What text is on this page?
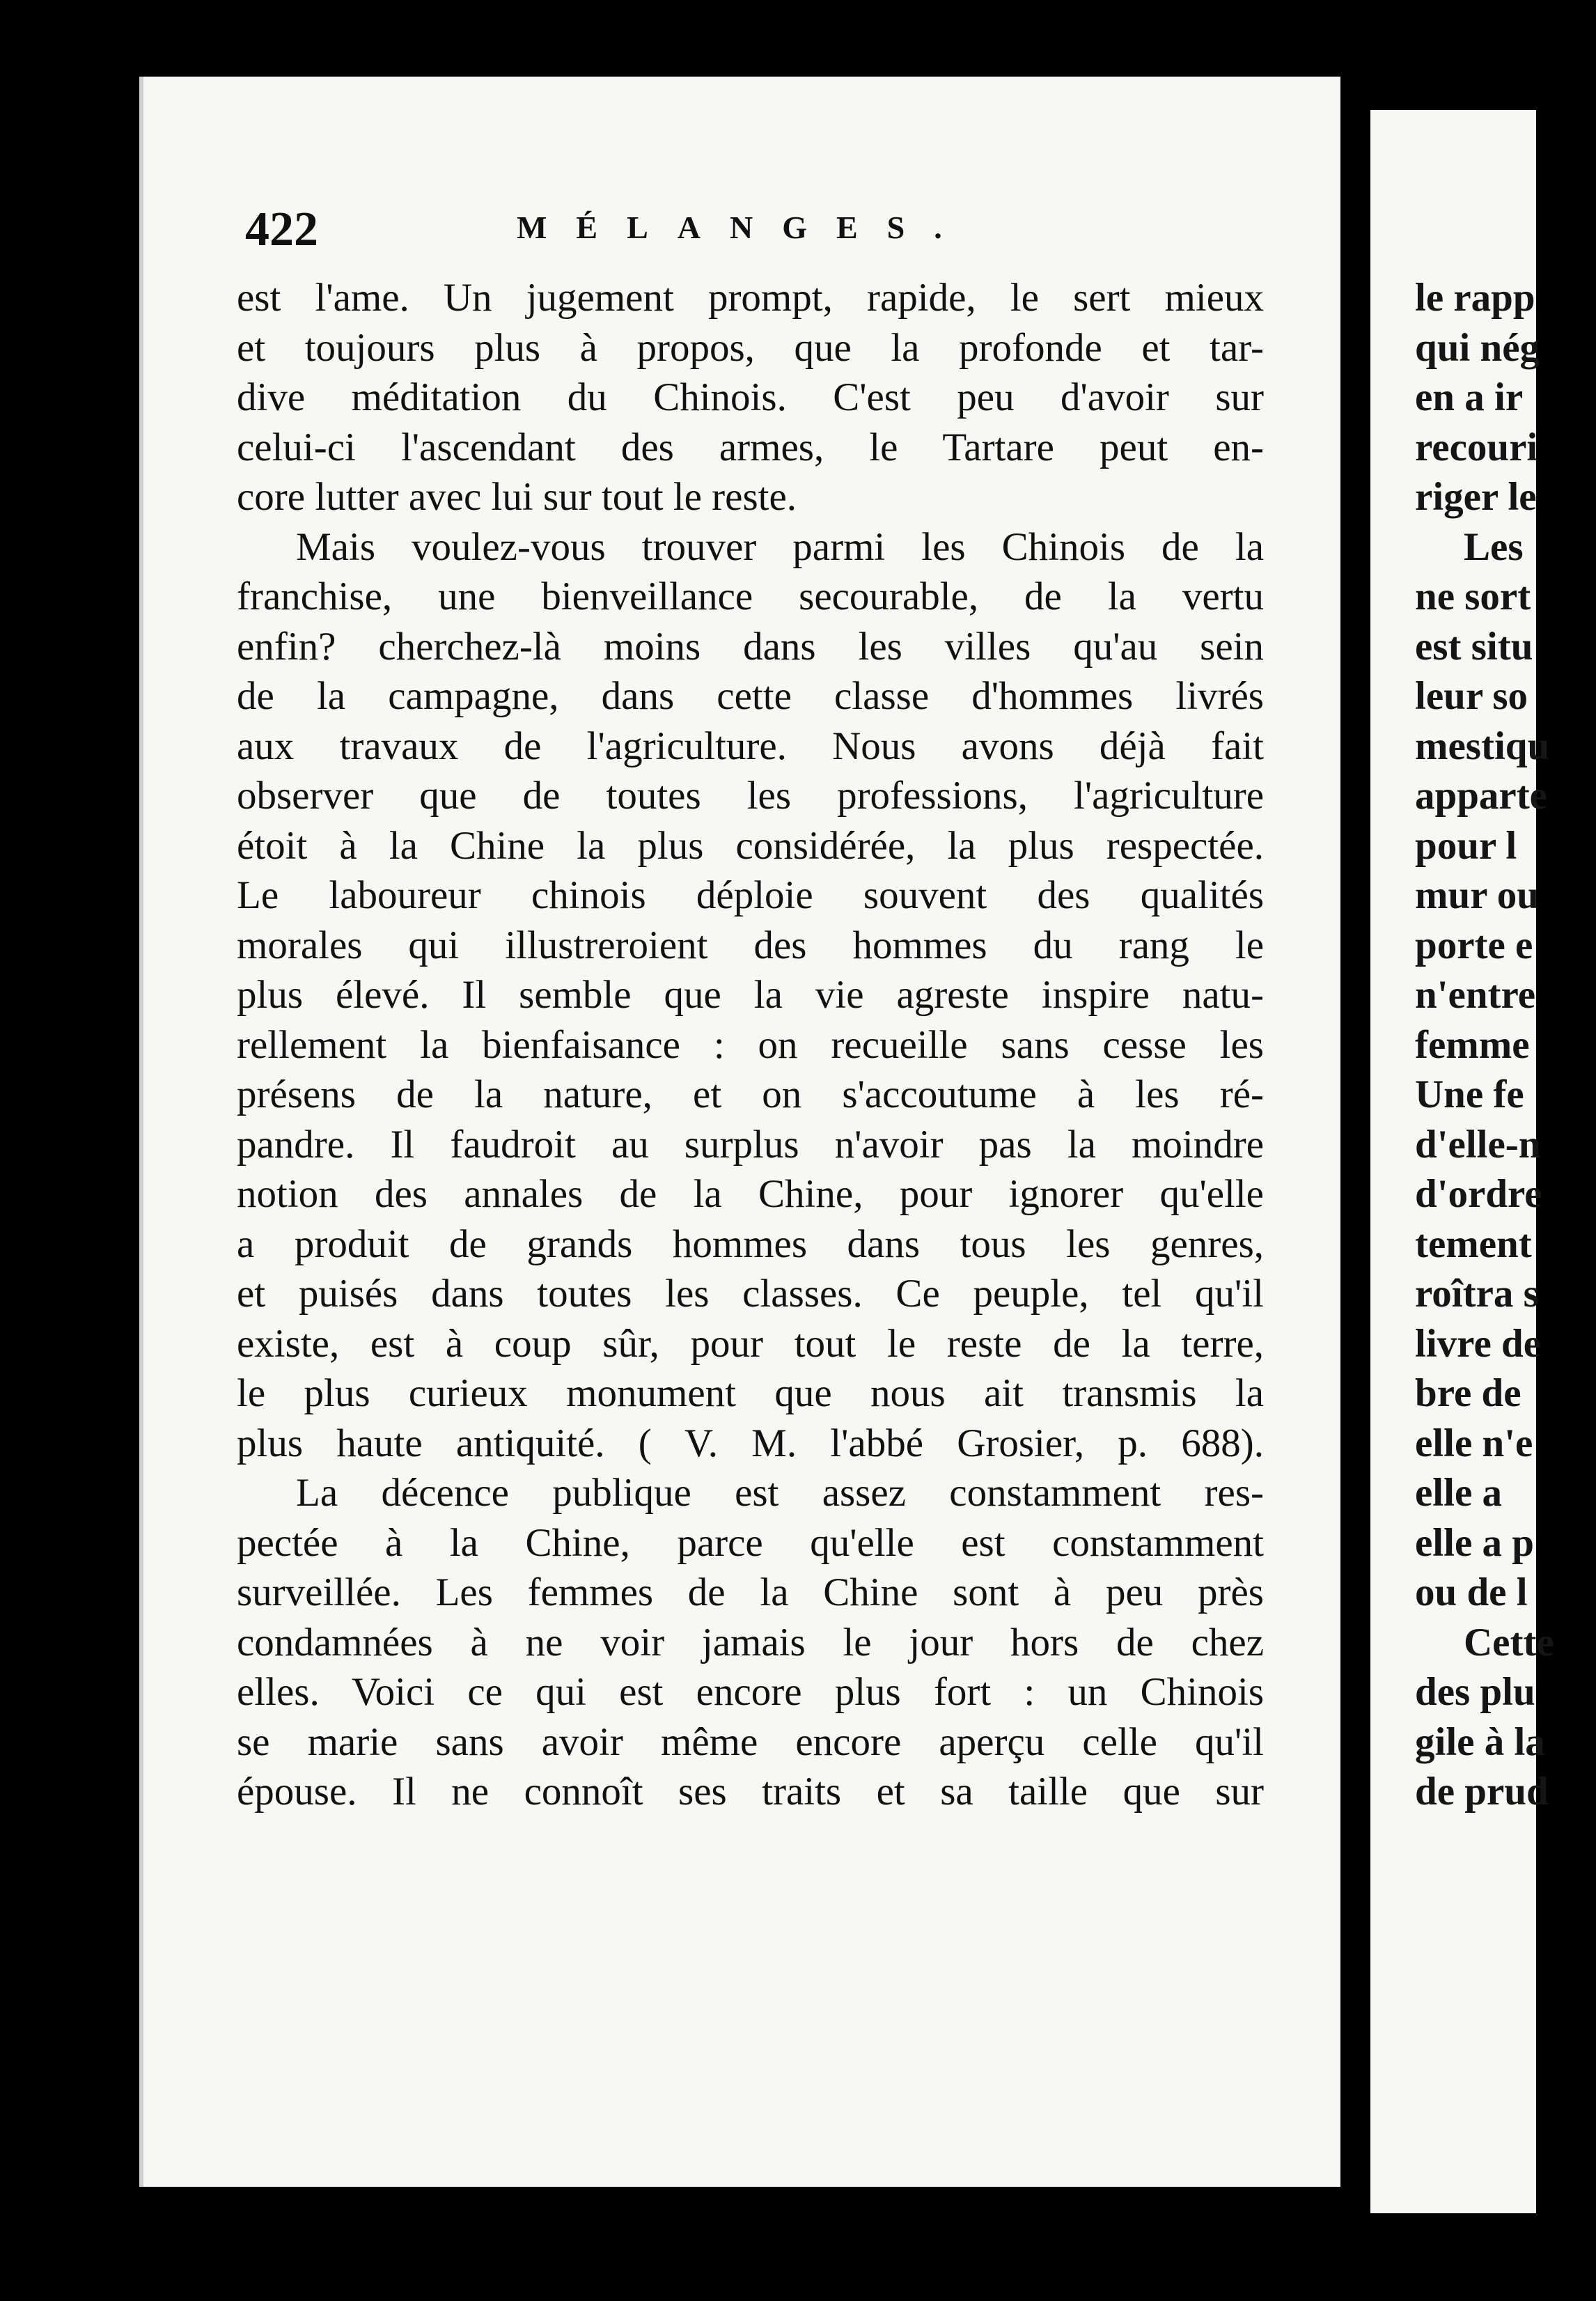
422	MÉLANGES.
est l'ame. Un jugement prompt, rapide, le sert mieux
et toujours plus à propos, que la profonde et tar-
dive méditation du Chinois. C'est peu d'avoir sur
celui-ci l'ascendant des armes, le Tartare peut en-
core lutter avec lui sur tout le reste.
Mais voulez-vous trouver parmi les Chinois de la
franchise, une bienveillance secourable, de la vertu
enfin? cherchez-là moins dans les villes qu'au sein
de la campagne, dans cette classe d'hommes livrés
aux travaux de l'agriculture. Nous avons déjà fait
observer que de toutes les professions, l'agriculture
étoit à la Chine la plus considérée, la plus respectée.
Le laboureur chinois déploie souvent des qualités
morales qui illustreroient des hommes du rang le
plus élevé. Il semble que la vie agreste inspire natu-
rellement la bienfaisance : on recueille sans cesse les
présens de la nature, et on s'accoutume à les ré-
pandre. Il faudroit au surplus n'avoir pas la moindre
notion des annales de la Chine, pour ignorer qu'elle
a produit de grands hommes dans tous les genres,
et puisés dans toutes les classes. Ce peuple, tel qu'il
existe, est à coup sûr, pour tout le reste de la terre,
le plus curieux monument que nous ait transmis la
plus haute antiquité. ( V. M. l'abbé Grosier, p. 688).
La décence publique est assez constamment res-
pectée à la Chine, parce qu'elle est constamment
surveillée. Les femmes de la Chine sont à peu près
condamnées à ne voir jamais le jour hors de chez
elles. Voici ce qui est encore plus fort : un Chinois
se marie sans avoir même encore aperçu celle qu'il
épouse. Il ne connoît ses traits et sa taille que sur
le rapp
qui nég
en a ir
recouri
riger le
Les
ne sort
est situ
leur so
mestiqu
apparte
pour l
mur ou
porte e
n'entre
femme
Une fe
d'elle-n
d'ordre
tement
roîtra s
livre de
bre de
elle n'e
elle a
elle a p
ou de l
Cette
des plu
gile à la
de prud
